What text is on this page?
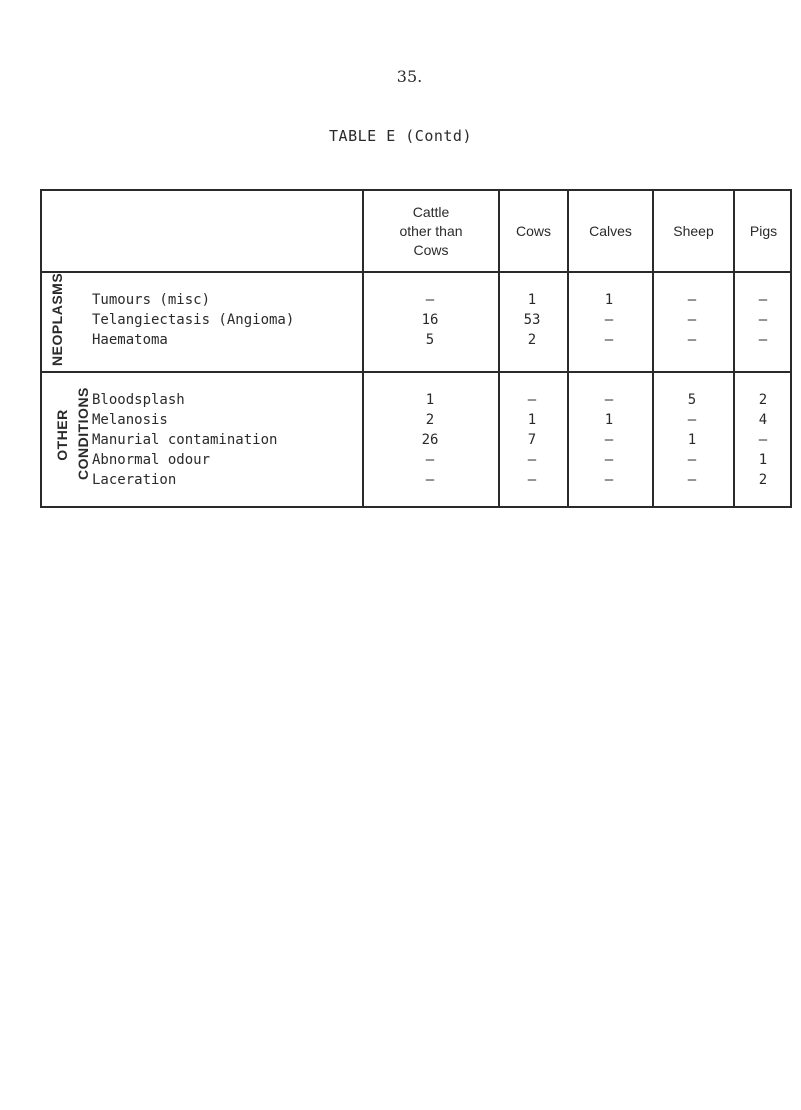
35.
TABLE E (Contd)
Cattle
other than
Cows
Cows	Calves	Sheep	Pigs
NEOPLASMS
OTHER CONDITIONS
Tumours (misc)	–	1	1	–	–
Telangiectasis (Angioma)	16	53	–	–	–
Haematoma	5	2	–	–	–
Bloodsplash	1	–	–	5	2
Melanosis	2	1	1	–	4
Manurial contamination	26	7	–	1	–
Abnormal odour	–	–	–	–	1
Laceration	–	–	–	–	2
